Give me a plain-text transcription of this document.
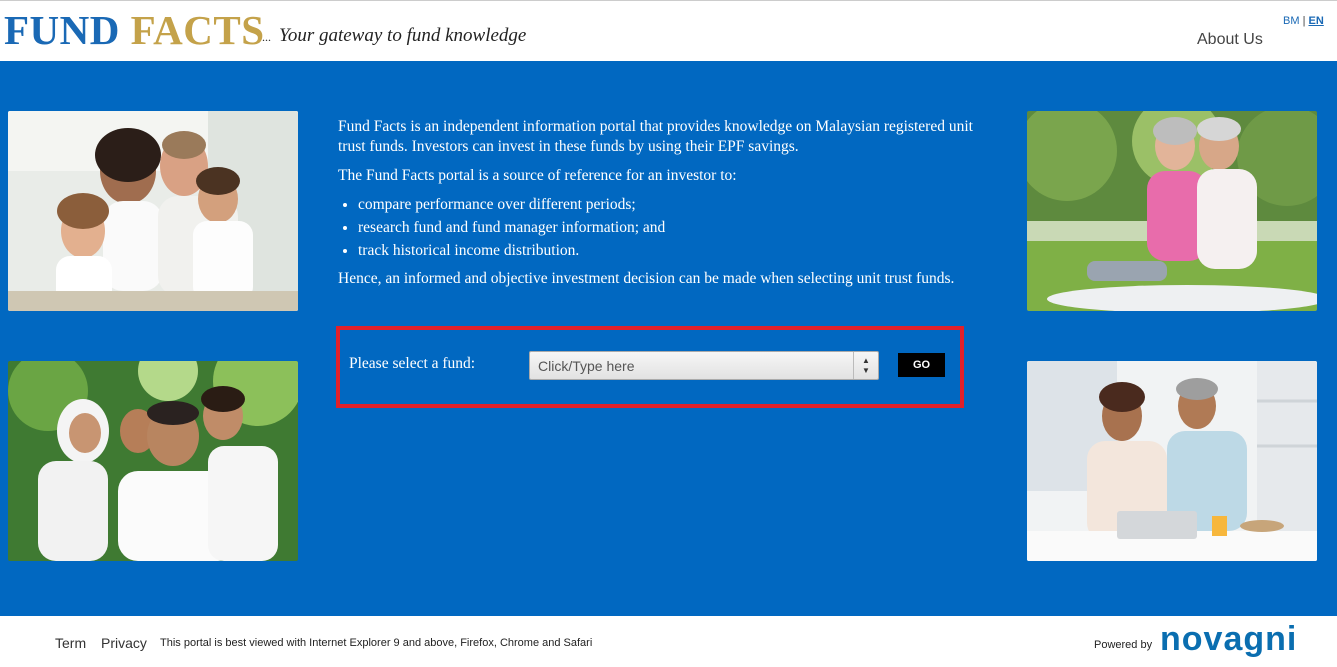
FUND FACTS
... Your gateway to fund knowledge
BM | EN
About Us

Fund Facts is an independent information portal that provides knowledge on Malaysian registered unit trust funds. Investors can invest in these funds by using their EPF savings.

The Fund Facts portal is a source of reference for an investor to:

• compare performance over different periods;
• research fund and fund manager information; and
• track historical income distribution.

Hence, an informed and objective investment decision can be made when selecting unit trust funds.

Please select a fund:
Click/Type here	▲
▼	GO
Term Privacy This portal is best viewed with Internet Explorer 9 and above, Firefox, Chrome and Safari	Powered by novagni
